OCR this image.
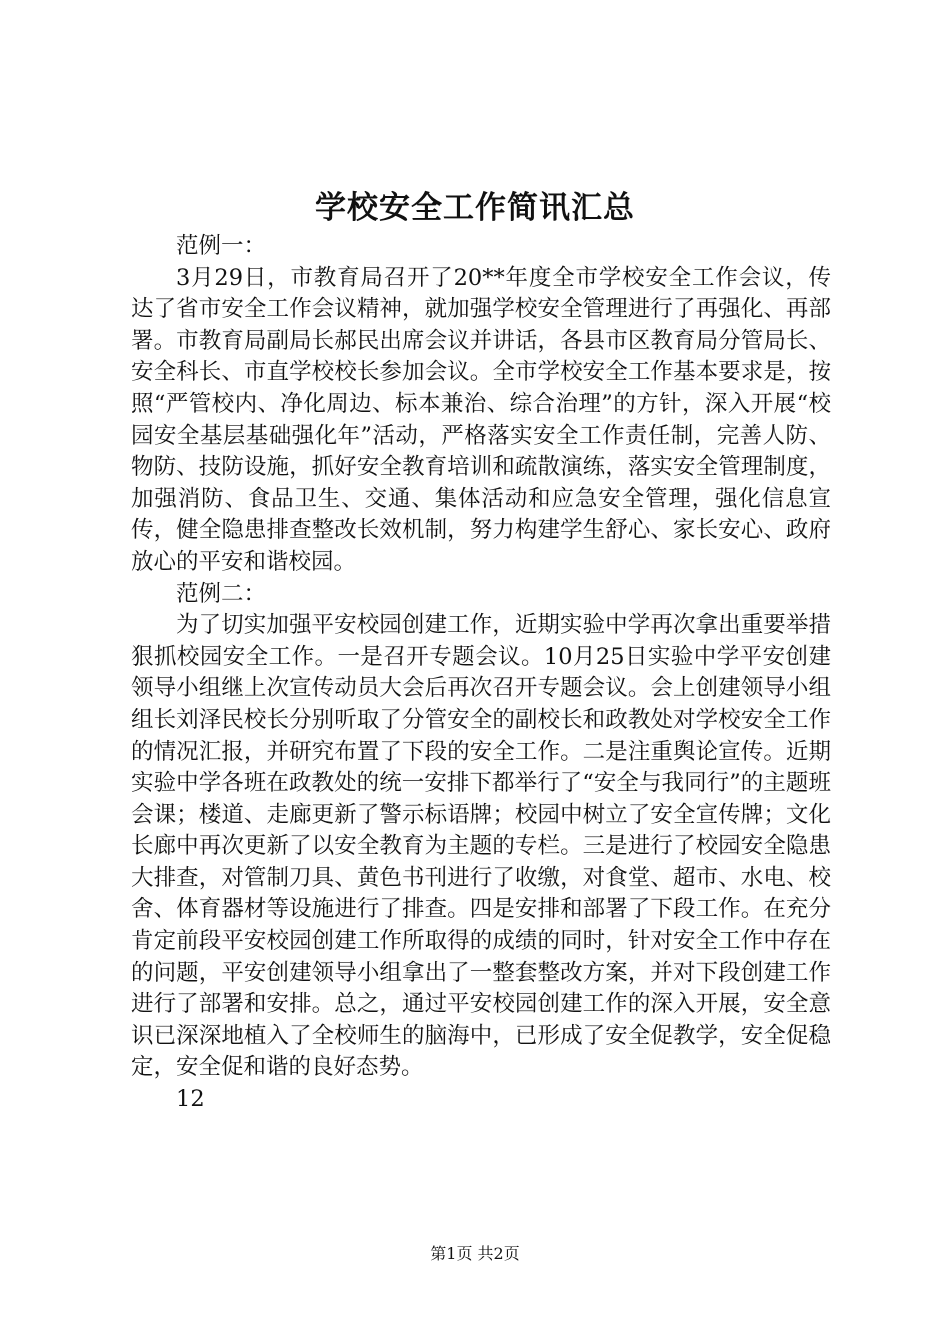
学校安全工作简讯汇总

范例一：

3月29日，市教育局召开了20**年度全市学校安全工作会议，传达了省市安全工作会议精神，就加强学校安全管理进行了再强化、再部署。市教育局副局长郝民出席会议并讲话，各县市区教育局分管局长、安全科长、市直学校校长参加会议。全市学校安全工作基本要求是，按照“严管校内、净化周边、标本兼治、综合治理”的方针，深入开展“校园安全基层基础强化年”活动，严格落实安全工作责任制，完善人防、物防、技防设施，抓好安全教育培训和疏散演练，落实安全管理制度，加强消防、食品卫生、交通、集体活动和应急安全管理，强化信息宣传，健全隐患排查整改长效机制，努力构建学生舒心、家长安心、政府放心的平安和谐校园。

范例二：

为了切实加强平安校园创建工作，近期实验中学再次拿出重要举措狠抓校园安全工作。一是召开专题会议。10月25日实验中学平安创建领导小组继上次宣传动员大会后再次召开专题会议。会上创建领导小组组长刘泽民校长分别听取了分管安全的副校长和政教处对学校安全工作的情况汇报，并研究布置了下段的安全工作。二是注重舆论宣传。近期实验中学各班在政教处的统一安排下都举行了“安全与我同行”的主题班会课；楼道、走廊更新了警示标语牌；校园中树立了安全宣传牌；文化长廊中再次更新了以安全教育为主题的专栏。三是进行了校园安全隐患大排查，对管制刀具、黄色书刊进行了收缴，对食堂、超市、水电、校舍、体育器材等设施进行了排查。四是安排和部署了下段工作。在充分肯定前段平安校园创建工作所取得的成绩的同时，针对安全工作中存在的问题，平安创建领导小组拿出了一整套整改方案，并对下段创建工作进行了部署和安排。总之，通过平安校园创建工作的深入开展，安全意识已深深地植入了全校师生的脑海中，已形成了安全促教学，安全促稳定，安全促和谐的良好态势。

12

第1页 共2页
